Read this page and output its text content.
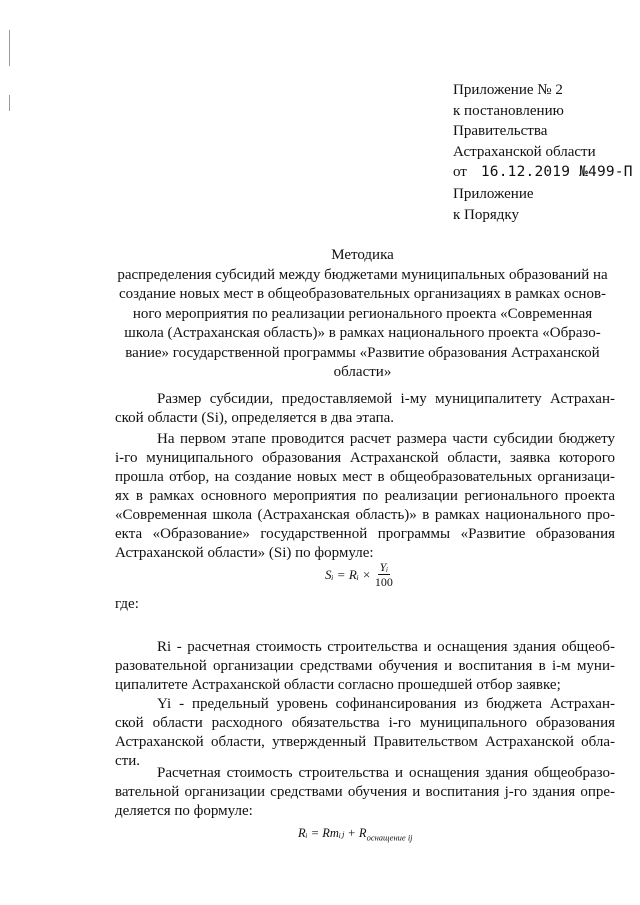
Приложение № 2
к постановлению
Правительства
Астраханской области
от 16.12.2019 №499-П
Приложение
к Порядку
Методика
распределения субсидий между бюджетами муниципальных образований на
создание новых мест в общеобразовательных организациях в рамках основ-
ного мероприятия по реализации регионального проекта «Современная
школа (Астраханская область)» в рамках национального проекта «Образо-
вание» государственной программы «Развитие образования Астраханской
области»
Размер субсидии, предоставляемой i-му муниципалитету Астрахан-
ской области (Si), определяется в два этапа.
На первом этапе проводится расчет размера части субсидии бюджету
i-го муниципального образования Астраханской области, заявка которого
прошла отбор, на создание новых мест в общеобразовательных организаци-
ях в рамках основного мероприятия по реализации регионального проекта
«Современная школа (Астраханская область)» в рамках национального про-
екта «Образование» государственной программы «Развитие образования
Астраханской области» (Si) по формуле:
Sᵢ = Rᵢ × $\frac{\text{Yᵢ}}{100}$
где:
Ri - расчетная стоимость строительства и оснащения здания общеоб-
разовательной организации средствами обучения и воспитания в i-м муни-
ципалитете Астраханской области согласно прошедшей отбор заявке;
Yi - предельный уровень софинансирования из бюджета Астрахан-
ской области расходного обязательства i-го муниципального образования
Астраханской области, утвержденный Правительством Астраханской обла-
сти.
Расчетная стоимость строительства и оснащения здания общеобразо-
вательной организации средствами обучения и воспитания j-го здания опре-
деляется по формуле:
Rᵢ = Rmᵢⱼ + $R_{оснащение ij}$
